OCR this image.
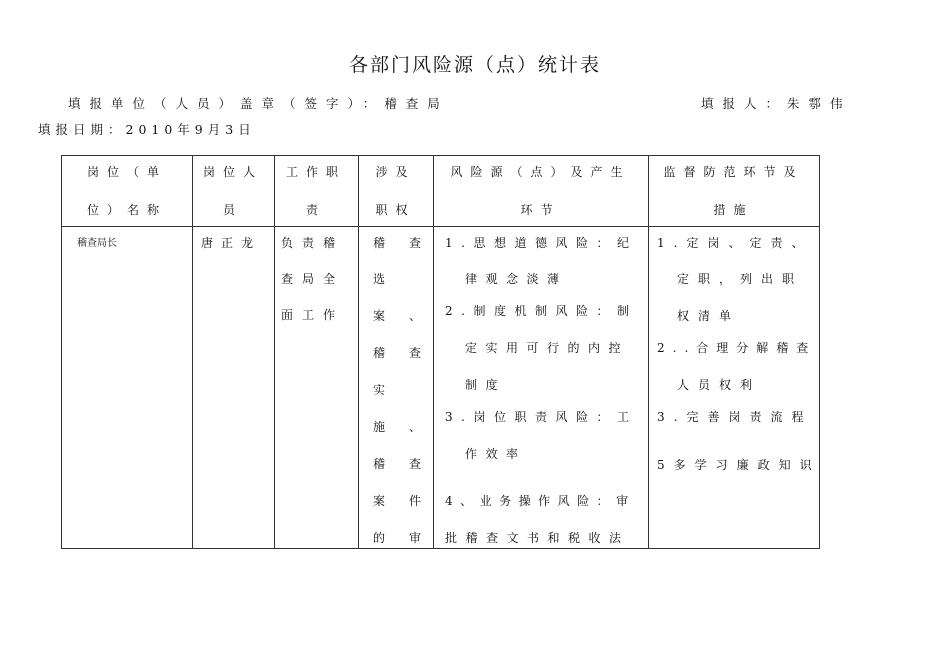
各部门风险源（点）统计表
填报单位（人员）盖章（签字）：稽查局	填报人：朱鄠伟
填报日期：2010年9月3日
岗位（单
位）名称
岗位人
员
工作职
责
涉及
职权
风险源（点）及产生
环节
监督防范环节及
措施
稽查局长	唐正龙 负责稽
查局全
面工作
稽　　查
选
案　　、
稽　　查
实
施　　、
稽　　查
案　　件
的　　审
1.思想道德风险：纪
律观念淡薄
2.制度机制风险：制
定实用可行的内控
制度
3.岗位职责风险：工
作效率
4、业务操作风险：审
批稽查文书和税收法
1.定岗、定责、
定职，列出职
权清单
2..合理分解稽查
人员权利
3.完善岗责流程
5多学习廉政知识
